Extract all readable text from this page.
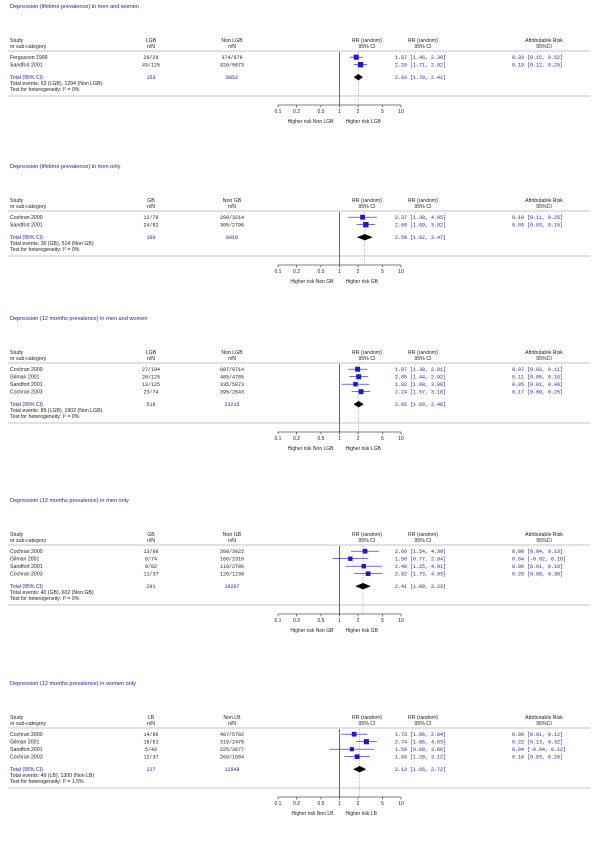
Depression (lifetime prevalence) in men and women
Study
or sub-category
LGB
n/N
Non LGB
n/N
RR (random)
95% CI
RR (random)
95% CI
Attributable Risk
95%CI
Fergusson 1999	20/28	374/979	1.87 [1.46, 2.39]	0.33 [0.15, 0.52]
Sandfort 2001	43/125	920/5873	2.20 [1.71, 2.82]	0.19 [0.12, 0.25]
Total (95% CI)	153	6852	2.03 [1.70, 2.41]
Total events: 63 (LGB), 1294 (Non LGB)
Test for heterogeneity: I² = 0%
0.1 0.2	0.5	1	2	5	10
Higher risk Non LGB Higher risk LGB
Depression (lifetime prevalence) in men only
Study
or sub-category
GB
n/N
Non GB
n/N
RR (random)
95% CI
RR (random)
95% CI
Attributable Risk
95%CI
Cochran 2000	12/78	209/3214	2.37 [1.38, 4.05]	0.18 [0.11, 0.25]
Sandfort 2001	24/82	305/2796	2.68 [1.89, 3.82]	0.09 [0.03, 0.15]
Total (95% CI)	160	6010	2.58 [1.92, 3.47]
Total events: 36 (GB), 514 (Non GB)
Test for heterogeneity: I² = 0%
0.1 0.2	0.5	1	2	5	10
Higher risk Non GB Higher risk GB
Depression (12 months prevalence) in men and women
Study
or sub-category
LGB
n/N
Non LGB
n/N
RR (random)
95% CI
RR (random)
95% CI
Attributable Risk
95%CI
Cochran 2000	27/194	687/9714	1.97 [1.38, 2.81]	0.07 [0.03, 0.11]
Gilman 2001	26/125	485/4785	2.05 [1.44, 2.92]	0.11 [0.05, 0.16]
Sandfort 2001	13/125	335/5873	1.82 [1.08, 3.08]	0.05 [0.01, 0.09]
Cochran 2003	23/74	395/2843	2.24 [1.57, 3.18]	0.17 [0.09, 0.25]
Total (95% CI)	518	23215	2.05 [1.69, 2.48]
Total events: 89 (LGB), 1902 (Non LGB)
Test for heterogeneity: I² = 0%
0.1 0.2	0.5	1	2	5	10
Higher risk Non LGB Higher risk LGB
Depression (12 months prevalence) in men only
Study
or sub-category
GB
n/N
Non GB
n/N
RR (random)
95% CI
RR (random)
95% CI
Attributable Risk
95%CI
Cochran 2000	13/98	200/3922	2.60 [1.54, 4.39]	0.08 [0.04, 0.13]
Gilman 2001	8/74	166/2310	1.50 [0.77, 2.94]	0.04 [-0.02, 0.10]
Sandfort 2001	8/82	110/2796	2.48 [1.25, 4.91]	0.06 [0.01, 0.10]
Cochran 2003	11/37	126/1239	2.92 [1.73, 4.93]	0.20 [0.09, 0.30]
Total (95% CI)	291	10267	2.41 [1.80, 3.23]
Total events: 40 (GB), 602 (Non GB)
Test for heterogeneity: I² = 0%
0.1 0.2	0.5	1	2	5	10
Higher risk Non GB Higher risk GB
Depression (12 months prevalence) in women only
Study
or sub-category
LB
n/N
Non LB
n/N
RR (random)
95% CI
RR (random)
95% CI
Attributable Risk
95%CI
Cochran 2000	14/96	487/5792	1.73 [1.06, 2.84]	0.06 [0.01, 0.12]
Gilman 2001	18/51	319/2475	2.74 [1.86, 4.03]	0.22 [0.13, 0.32]
Sandfort 2001	5/43	225/3077	1.59 [0.69, 3.66]	0.04 [-0.04, 0.12]
Cochran 2003	12/37	269/1604	1.93 [1.20, 3.12]	0.16 [0.03, 0.28]
Total (95% CI)	227	12948	2.13 [1.66, 2.72]
Total events: 49 (LB), 1300 (Non LB)
Test for heterogeneity: I² = 1.5%
0.1 0.2	0.5	1	2	5	10
Higher risk Non LB Higher risk LB
